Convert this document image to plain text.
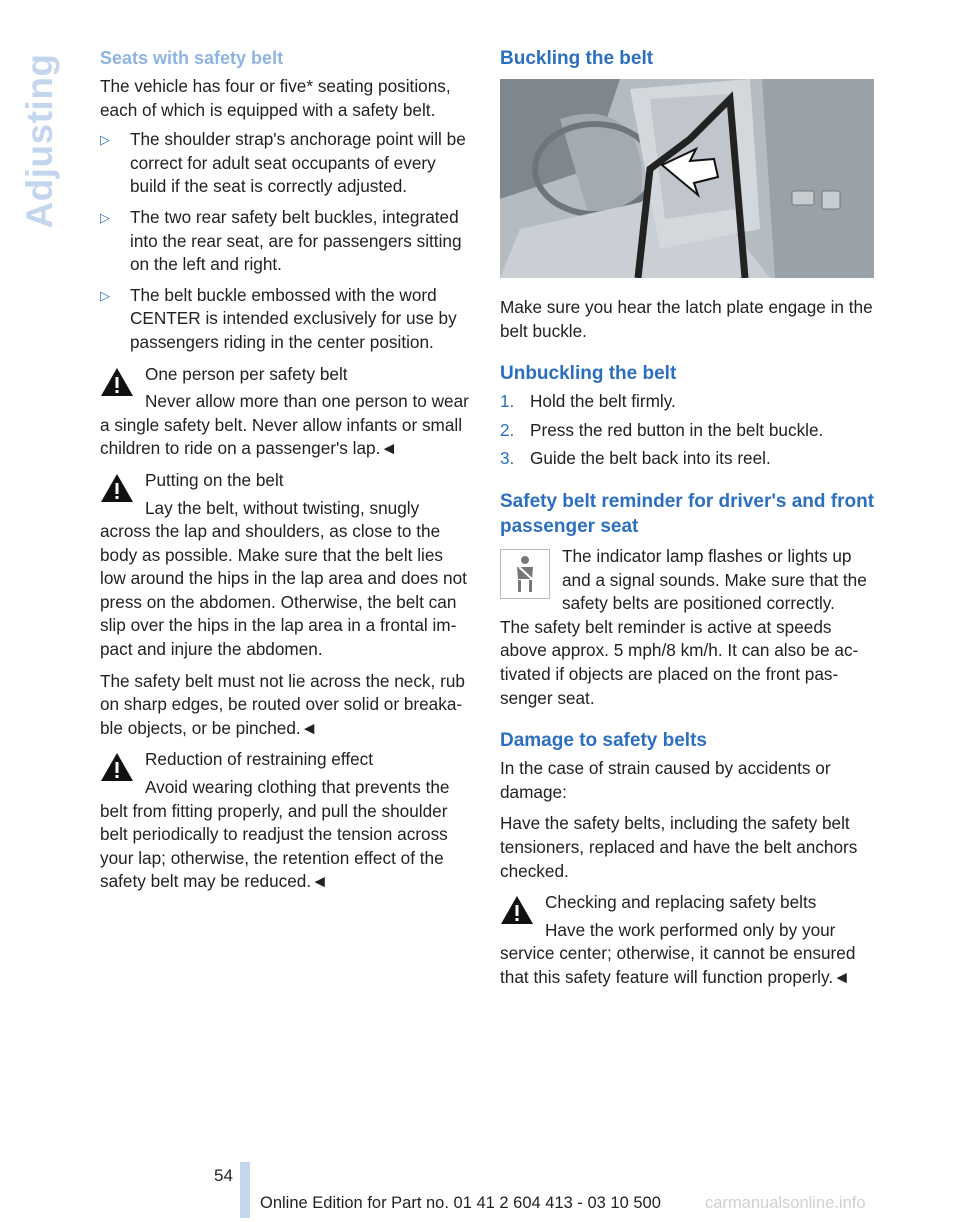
Adjusting Seats with safety belt

The vehicle has four or five* seating positions, each of which is equipped with a safety belt.

▷ The shoulder strap's anchorage point will be correct for adult seat occupants of every build if the seat is correctly adjusted.
▷ The two rear safety belt buckles, integrated into the rear seat, are for passengers sitting on the left and right.
▷ The belt buckle embossed with the word CENTER is intended exclusively for use by passengers riding in the center position.
One person per safety belt
Never allow more than one person to wear
a single safety belt. Never allow infants or small children to ride on a passenger's lap.◄
Putting on the belt
Lay the belt, without twisting, snugly
across the lap and shoulders, as close to the body as possible. Make sure that the belt lies low around the hips in the lap area and does not press on the abdomen. Otherwise, the belt can slip over the hips in the lap area in a frontal impact and injure the abdomen.

The safety belt must not lie across the neck, rub on sharp edges, be routed over solid or breakable objects, or be pinched.◄

Reduction of restraining effect
Avoid wearing clothing that prevents the
belt from fitting properly, and pull the shoulder belt periodically to readjust the tension across your lap; otherwise, the retention effect of the safety belt may be reduced.◄
Buckling the belt

Make sure you hear the latch plate engage in the belt buckle.

Unbuckling the belt
1. Hold the belt firmly.
2. Press the red button in the belt buckle.
3. Guide the belt back into its reel.
Safety belt reminder for driver's and front passenger seat

The indicator lamp flashes or lights up and a signal sounds. Make sure that the safety belts are positioned correctly.

The safety belt reminder is active at speeds above approx. 5 mph/8 km/h. It can also be activated if objects are placed on the front passenger seat.

Damage to safety belts

In the case of strain caused by accidents or damage:

Have the safety belts, including the safety belt tensioners, replaced and have the belt anchors checked.

Checking and replacing safety belts
Have the work performed only by your
service center; otherwise, it cannot be ensured that this safety feature will function properly.◄
54
Online Edition for Part no. 01 41 2 604 413 - 03 10 500	carmanualsonline.info
